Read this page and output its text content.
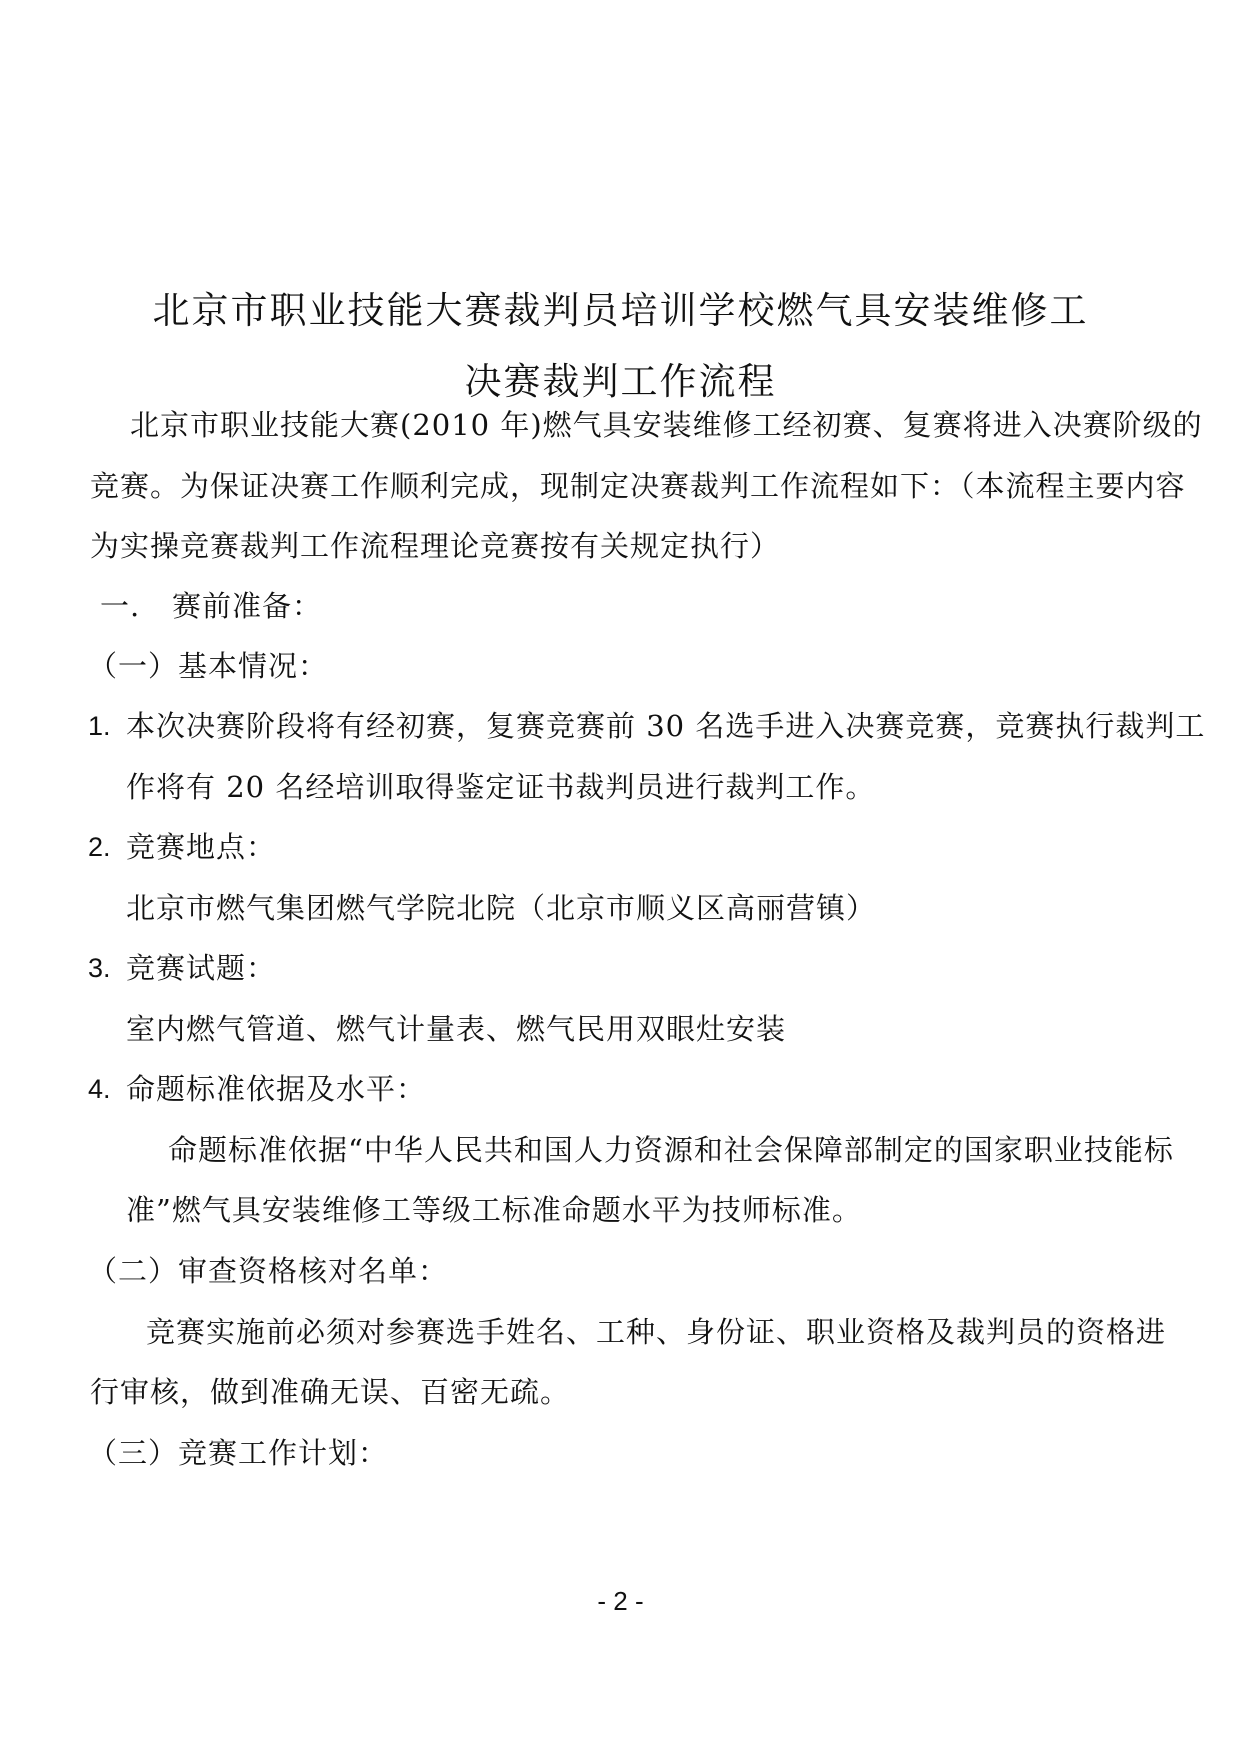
北京市职业技能大赛裁判员培训学校燃气具安装维修工
决赛裁判工作流程
北京市职业技能大赛(2010 年)燃气具安装维修工经初赛、复赛将进入决赛阶级的
竞赛。为保证决赛工作顺利完成，现制定决赛裁判工作流程如下：（本流程主要内容
为实操竞赛裁判工作流程理论竞赛按有关规定执行）
一. 赛前准备：
（一）基本情况：
1. 本次决赛阶段将有经初赛，复赛竞赛前 30 名选手进入决赛竞赛，竞赛执行裁判工
作将有 20 名经培训取得鉴定证书裁判员进行裁判工作。
2. 竞赛地点：
北京市燃气集团燃气学院北院（北京市顺义区高丽营镇）
3. 竞赛试题：
室内燃气管道、燃气计量表、燃气民用双眼灶安装
4. 命题标准依据及水平：
命题标准依据“中华人民共和国人力资源和社会保障部制定的国家职业技能标
准”燃气具安装维修工等级工标准命题水平为技师标准。
（二）审查资格核对名单：
竞赛实施前必须对参赛选手姓名、工种、身份证、职业资格及裁判员的资格进
行审核，做到准确无误、百密无疏。
（三）竞赛工作计划：
- 2 -
